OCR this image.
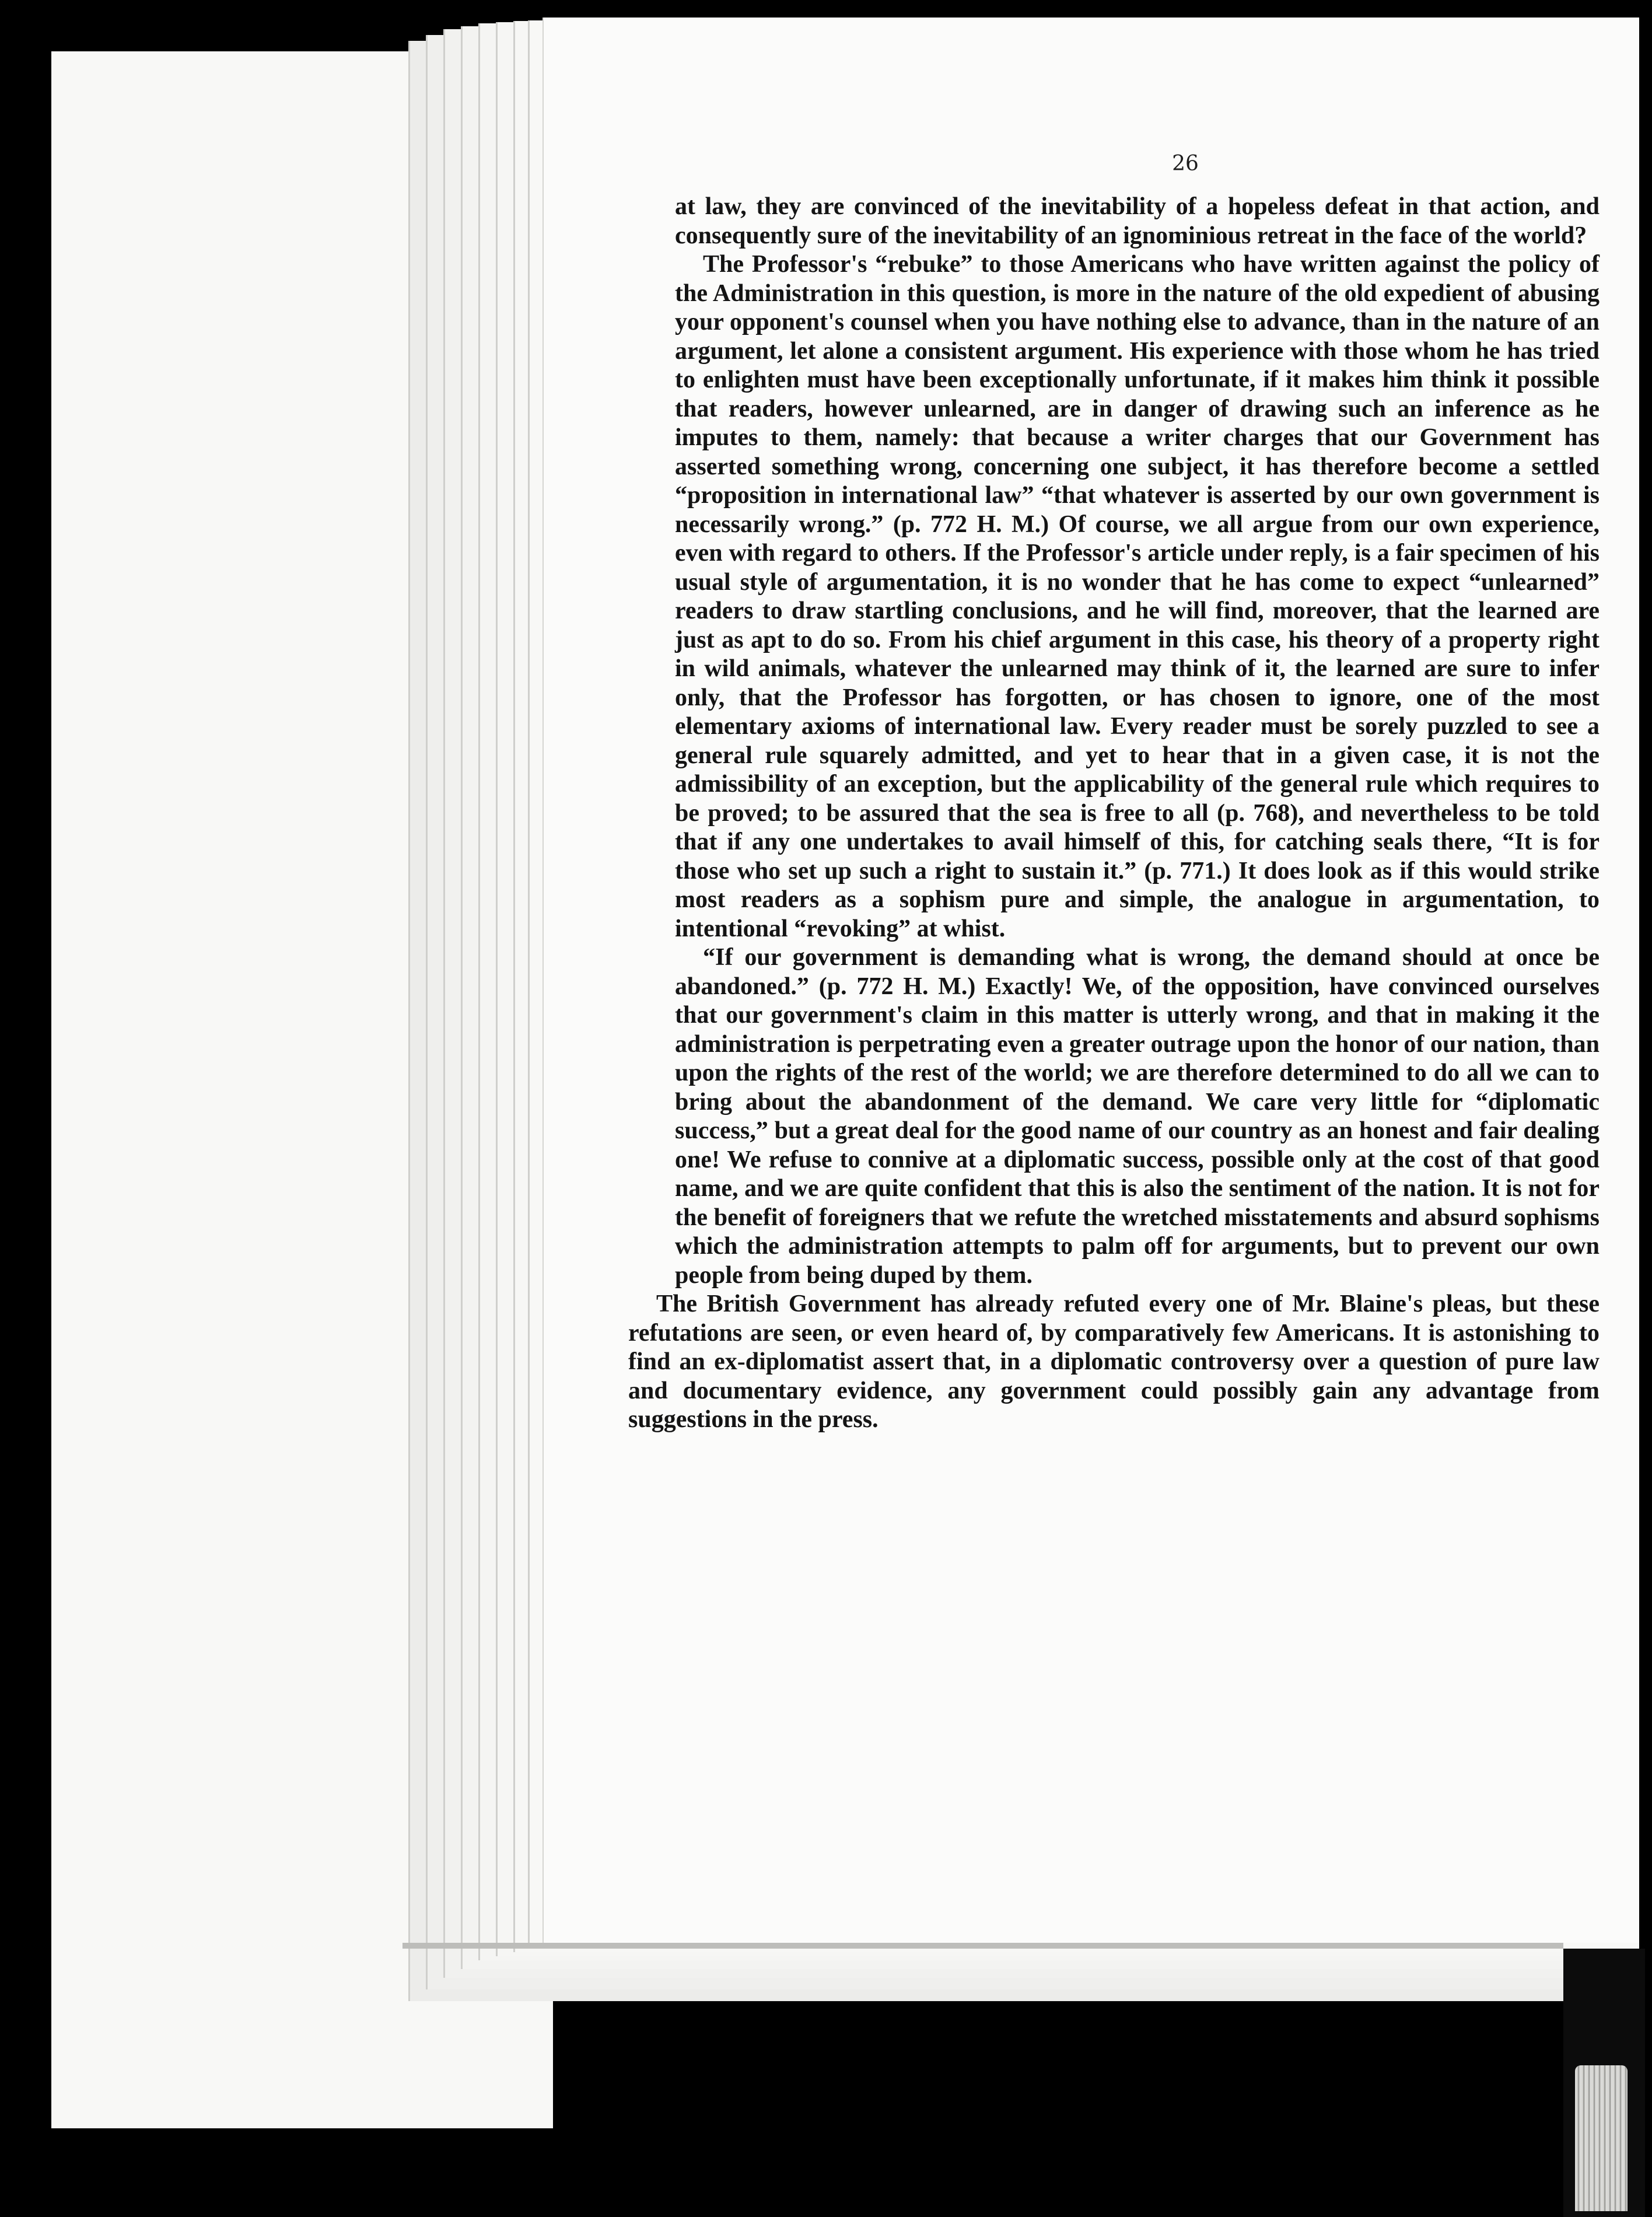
26

at law, they are convinced of the inevitability of a hopeless defeat in that action, and consequently sure of the inevitability of an ignominious retreat in the face of the world?

The Professor's “rebuke” to those Americans who have written against the policy of the Administration in this question, is more in the nature of the old expedient of abusing your opponent's counsel when you have nothing else to advance, than in the nature of an argument, let alone a consistent argument. His experience with those whom he has tried to enlighten must have been exceptionally unfortunate, if it makes him think it possible that readers, however unlearned, are in danger of drawing such an inference as he imputes to them, namely: that because a writer charges that our Government has asserted something wrong, concerning one subject, it has therefore become a settled “proposition in international law” “that whatever is asserted by our own government is necessarily wrong.” (p. 772 H. M.) Of course, we all argue from our own experience, even with regard to others. If the Professor's article under reply, is a fair specimen of his usual style of argumentation, it is no wonder that he has come to expect “unlearned” readers to draw startling conclusions, and he will find, moreover, that the learned are just as apt to do so. From his chief argument in this case, his theory of a property right in wild animals, whatever the unlearned may think of it, the learned are sure to infer only, that the Professor has forgotten, or has chosen to ignore, one of the most elementary axioms of international law. Every reader must be sorely puzzled to see a general rule squarely admitted, and yet to hear that in a given case, it is not the admissibility of an exception, but the applicability of the general rule which requires to be proved; to be assured that the sea is free to all (p. 768), and nevertheless to be told that if any one undertakes to avail himself of this, for catching seals there, “It is for those who set up such a right to sustain it.” (p. 771.) It does look as if this would strike most readers as a sophism pure and simple, the analogue in argumentation, to intentional “revoking” at whist.

“If our government is demanding what is wrong, the demand should at once be abandoned.” (p. 772 H. M.) Exactly! We, of the opposition, have convinced ourselves that our government's claim in this matter is utterly wrong, and that in making it the administration is perpetrating even a greater outrage upon the honor of our nation, than upon the rights of the rest of the world; we are therefore determined to do all we can to bring about the abandonment of the demand. We care very little for “diplomatic success,” but a great deal for the good name of our country as an honest and fair dealing one! We refuse to connive at a diplomatic success, possible only at the cost of that good name, and we are quite confident that this is also the sentiment of the nation. It is not for the benefit of foreigners that we refute the wretched misstatements and absurd sophisms which the administration attempts to palm off for arguments, but to prevent our own people from being duped by them.

The British Government has already refuted every one of Mr. Blaine's pleas, but these refutations are seen, or even heard of, by comparatively few Americans. It is astonishing to find an ex-diplomatist assert that, in a diplomatic controversy over a question of pure law and documentary evidence, any government could possibly gain any advantage from suggestions in the press.
